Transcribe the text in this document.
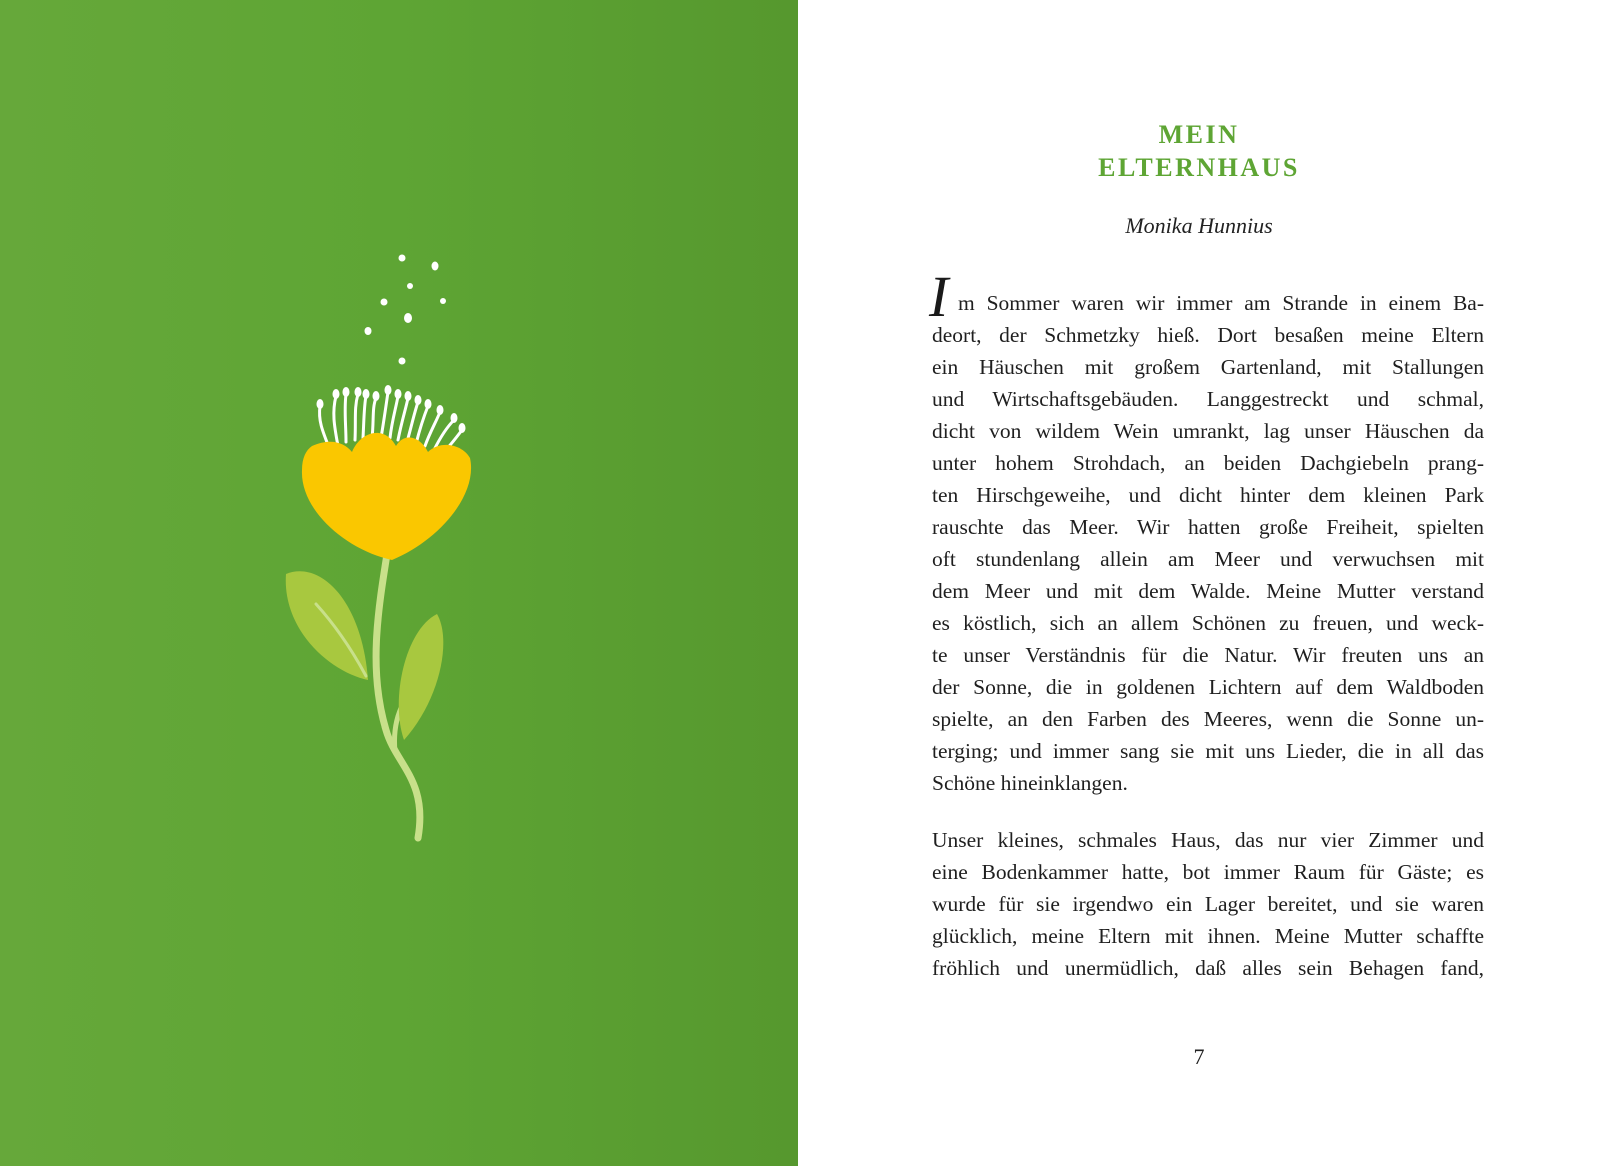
MEIN
ELTERNHAUS
Monika Hunnius
I m Sommer waren wir immer am Strande in einem Ba-
deort, der Schmetzky hieß. Dort besaßen meine Eltern
ein Häuschen mit großem Gartenland, mit Stallungen
und Wirtschaftsgebäuden. Langgestreckt und schmal,
dicht von wildem Wein umrankt, lag unser Häuschen da
unter hohem Strohdach, an beiden Dachgiebeln prang-
ten Hirschgeweihe, und dicht hinter dem kleinen Park
rauschte das Meer. Wir hatten große Freiheit, spielten
oft stundenlang allein am Meer und verwuchsen mit
dem Meer und mit dem Walde. Meine Mutter verstand
es köstlich, sich an allem Schönen zu freuen, und weck-
te unser Verständnis für die Natur. Wir freuten uns an
der Sonne, die in goldenen Lichtern auf dem Waldboden
spielte, an den Farben des Meeres, wenn die Sonne un-
terging; und immer sang sie mit uns Lieder, die in all das
Schöne hineinklangen.
Unser kleines, schmales Haus, das nur vier Zimmer und
eine Bodenkammer hatte, bot immer Raum für Gäste; es
wurde für sie irgendwo ein Lager bereitet, und sie waren
glücklich, meine Eltern mit ihnen. Meine Mutter schaffte
fröhlich und unermüdlich, daß alles sein Behagen fand,
7
